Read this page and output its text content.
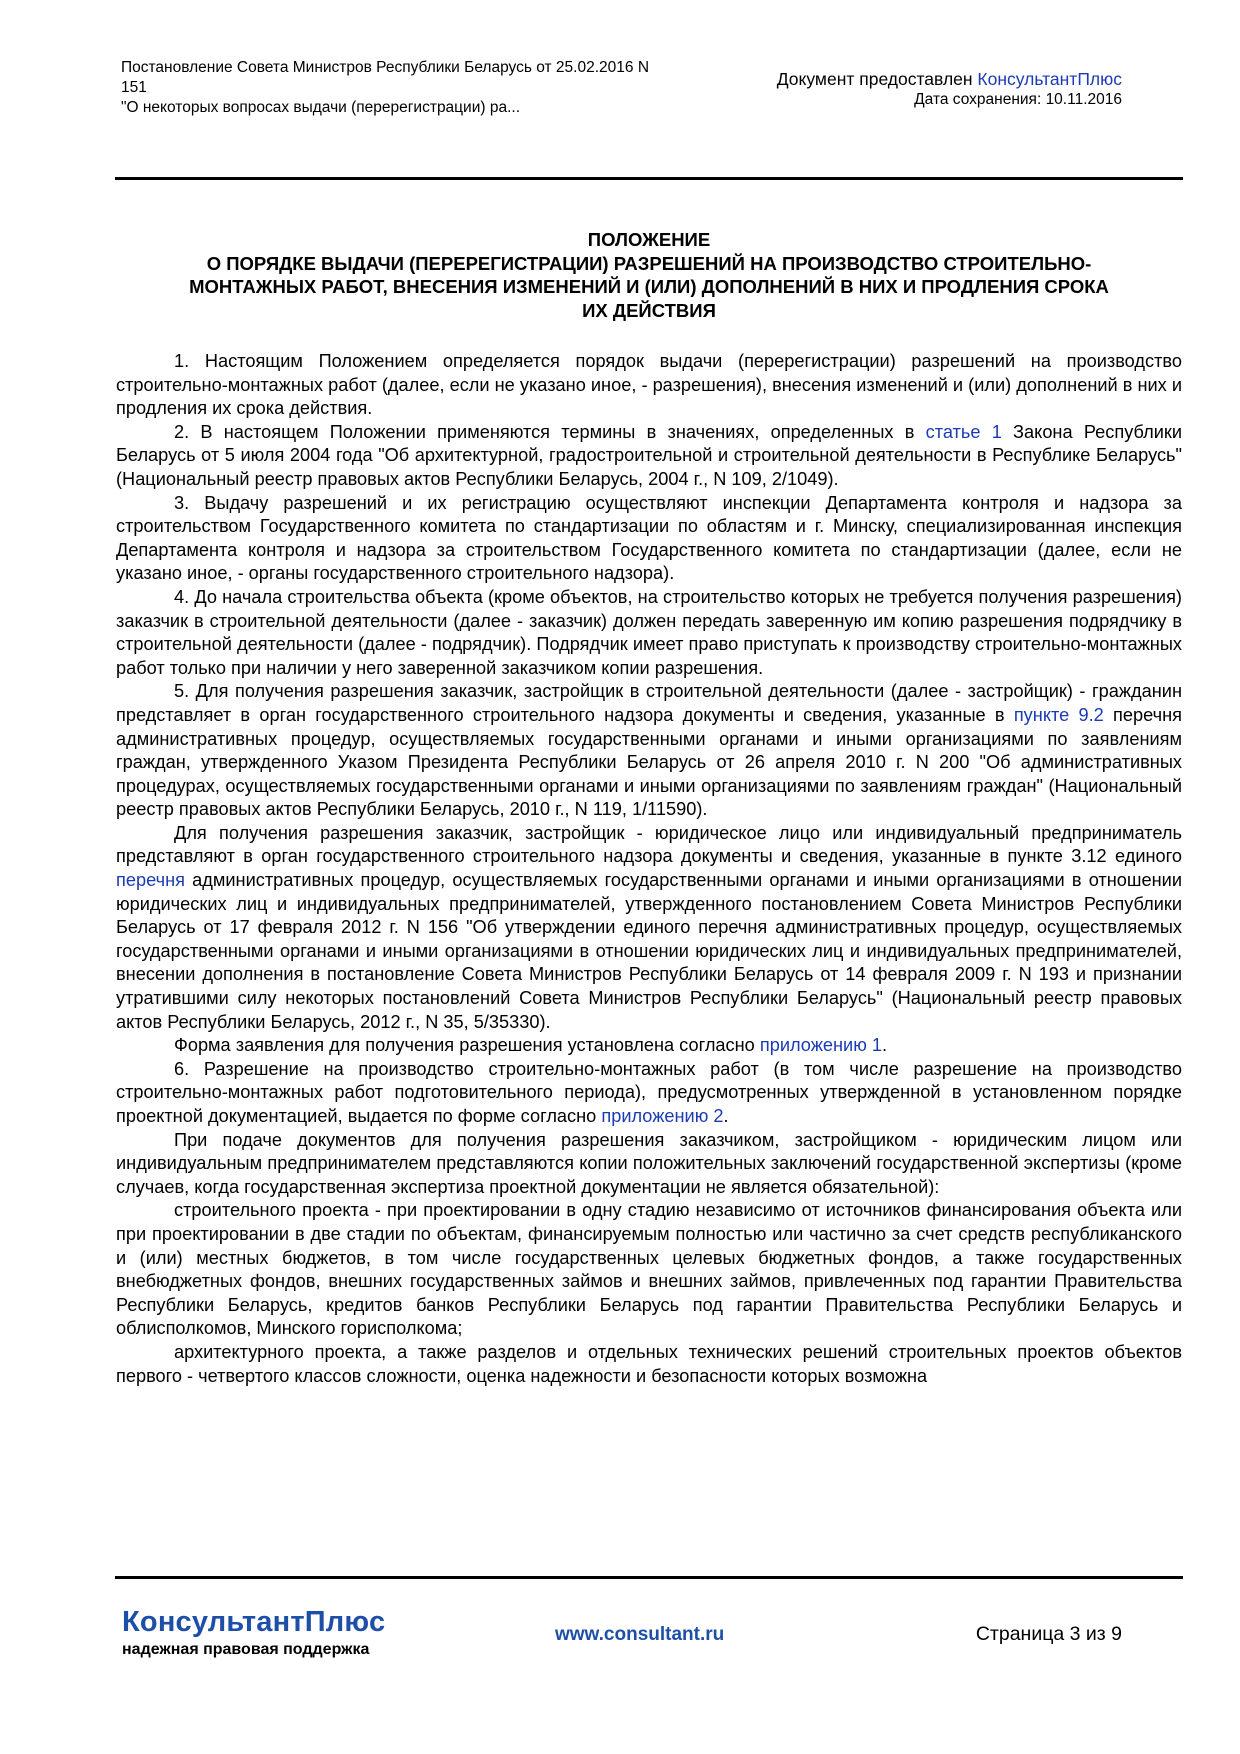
Постановление Совета Министров Республики Беларусь от 25.02.2016 N
151
"О некоторых вопросах выдачи (перерегистрации) ра...
Документ предоставлен КонсультантПлюс
Дата сохранения: 10.11.2016
ПОЛОЖЕНИЕ
О ПОРЯДКЕ ВЫДАЧИ (ПЕРЕРЕГИСТРАЦИИ) РАЗРЕШЕНИЙ НА ПРОИЗВОДСТВО СТРОИТЕЛЬНО-
МОНТАЖНЫХ РАБОТ, ВНЕСЕНИЯ ИЗМЕНЕНИЙ И (ИЛИ) ДОПОЛНЕНИЙ В НИХ И ПРОДЛЕНИЯ СРОКА
ИХ ДЕЙСТВИЯ

1. Настоящим Положением определяется порядок выдачи (перерегистрации) разрешений на производство строительно-монтажных работ (далее, если не указано иное, - разрешения), внесения изменений и (или) дополнений в них и продления их срока действия.

2. В настоящем Положении применяются термины в значениях, определенных в статье 1 Закона Республики Беларусь от 5 июля 2004 года "Об архитектурной, градостроительной и строительной деятельности в Республике Беларусь" (Национальный реестр правовых актов Республики Беларусь, 2004 г., N 109, 2/1049).

3. Выдачу разрешений и их регистрацию осуществляют инспекции Департамента контроля и надзора за строительством Государственного комитета по стандартизации по областям и г. Минску, специализированная инспекция Департамента контроля и надзора за строительством Государственного комитета по стандартизации (далее, если не указано иное, - органы государственного строительного надзора).

4. До начала строительства объекта (кроме объектов, на строительство которых не требуется получения разрешения) заказчик в строительной деятельности (далее - заказчик) должен передать заверенную им копию разрешения подрядчику в строительной деятельности (далее - подрядчик). Подрядчик имеет право приступать к производству строительно-монтажных работ только при наличии у него заверенной заказчиком копии разрешения.

5. Для получения разрешения заказчик, застройщик в строительной деятельности (далее - застройщик) - гражданин представляет в орган государственного строительного надзора документы и сведения, указанные в пункте 9.2 перечня административных процедур, осуществляемых государственными органами и иными организациями по заявлениям граждан, утвержденного Указом Президента Республики Беларусь от 26 апреля 2010 г. N 200 "Об административных процедурах, осуществляемых государственными органами и иными организациями по заявлениям граждан" (Национальный реестр правовых актов Республики Беларусь, 2010 г., N 119, 1/11590).

Для получения разрешения заказчик, застройщик - юридическое лицо или индивидуальный предприниматель представляют в орган государственного строительного надзора документы и сведения, указанные в пункте 3.12 единого перечня административных процедур, осуществляемых государственными органами и иными организациями в отношении юридических лиц и индивидуальных предпринимателей, утвержденного постановлением Совета Министров Республики Беларусь от 17 февраля 2012 г. N 156 "Об утверждении единого перечня административных процедур, осуществляемых государственными органами и иными организациями в отношении юридических лиц и индивидуальных предпринимателей, внесении дополнения в постановление Совета Министров Республики Беларусь от 14 февраля 2009 г. N 193 и признании утратившими силу некоторых постановлений Совета Министров Республики Беларусь" (Национальный реестр правовых актов Республики Беларусь, 2012 г., N 35, 5/35330).

Форма заявления для получения разрешения установлена согласно приложению 1.

6. Разрешение на производство строительно-монтажных работ (в том числе разрешение на производство строительно-монтажных работ подготовительного периода), предусмотренных утвержденной в установленном порядке проектной документацией, выдается по форме согласно приложению 2.

При подаче документов для получения разрешения заказчиком, застройщиком - юридическим лицом или индивидуальным предпринимателем представляются копии положительных заключений государственной экспертизы (кроме случаев, когда государственная экспертиза проектной документации не является обязательной):

строительного проекта - при проектировании в одну стадию независимо от источников финансирования объекта или при проектировании в две стадии по объектам, финансируемым полностью или частично за счет средств республиканского и (или) местных бюджетов, в том числе государственных целевых бюджетных фондов, а также государственных внебюджетных фондов, внешних государственных займов и внешних займов, привлеченных под гарантии Правительства Республики Беларусь, кредитов банков Республики Беларусь под гарантии Правительства Республики Беларусь и облисполкомов, Минского горисполкома;

архитектурного проекта, а также разделов и отдельных технических решений строительных проектов объектов первого - четвертого классов сложности, оценка надежности и безопасности которых возможна

КонсультантПлюс
надежная правовая поддержка
www.consultant.ru	Страница 3 из 9
